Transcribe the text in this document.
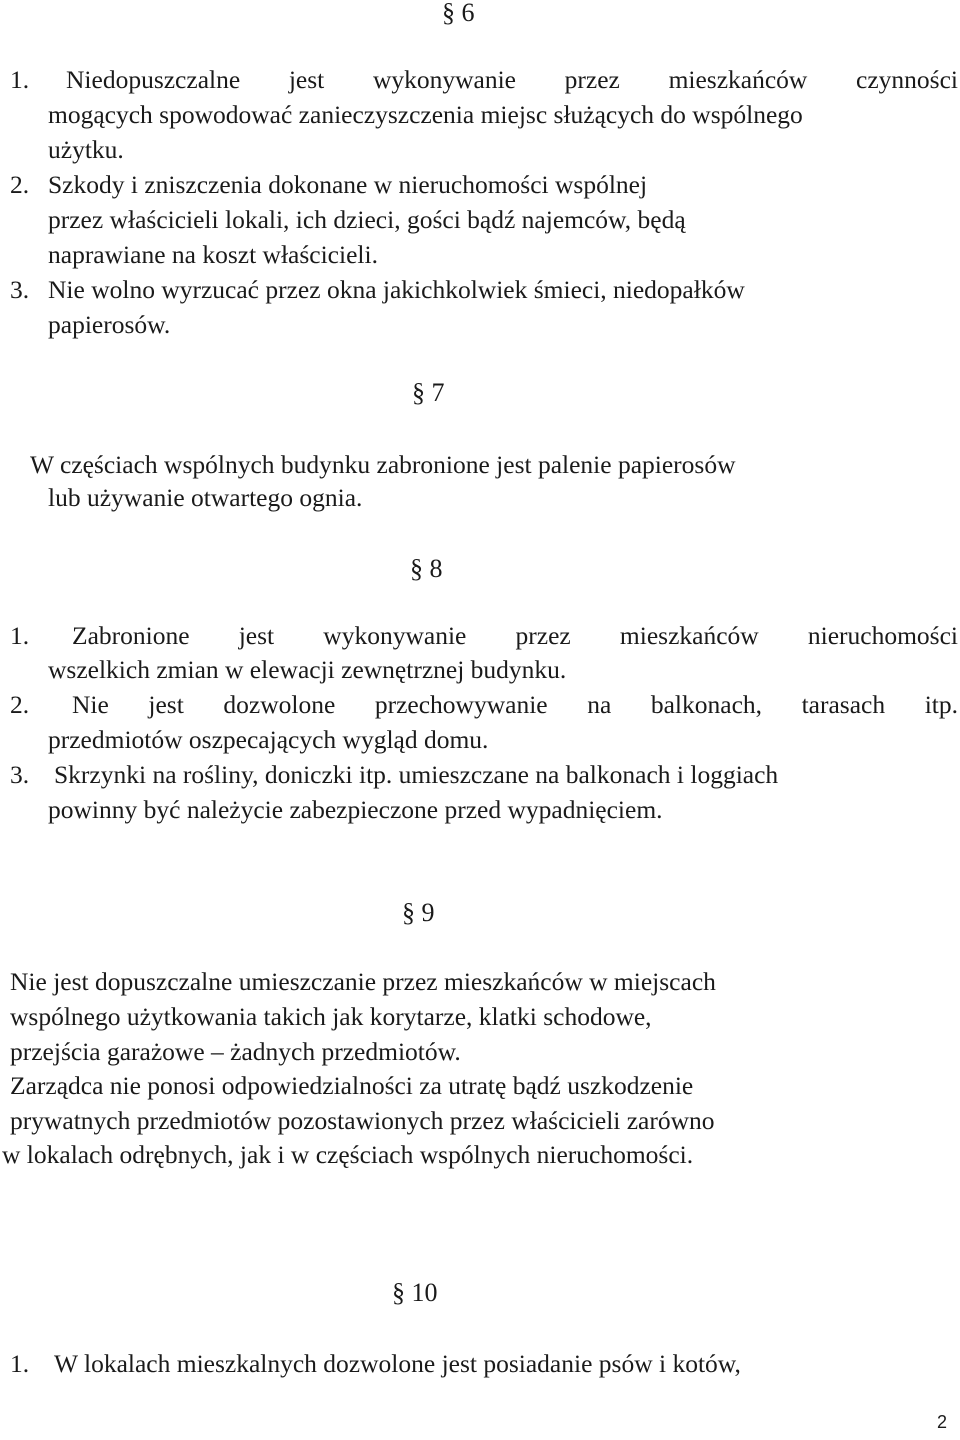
§ 6
1. Niedopuszczalne jest wykonywanie przez mieszkańców czynności
mogących spowodować zanieczyszczenia miejsc służących do wspólnego
użytku.
2. Szkody i zniszczenia dokonane w nieruchomości wspólnej
przez właścicieli lokali, ich dzieci, gości bądź najemców, będą
naprawiane na koszt właścicieli.
3. Nie wolno wyrzucać przez okna jakichkolwiek śmieci, niedopałków
papierosów.
§ 7
W częściach wspólnych budynku zabronione jest palenie papierosów
lub używanie otwartego ognia.
§ 8
1. Zabronione jest wykonywanie przez mieszkańców nieruchomości
wszelkich zmian w elewacji zewnętrznej budynku.
2. Nie jest dozwolone przechowywanie na balkonach, tarasach itp.
przedmiotów oszpecających wygląd domu.
3. Skrzynki na rośliny, doniczki itp. umieszczane na balkonach i loggiach
powinny być należycie zabezpieczone przed wypadnięciem.
§ 9
Nie jest dopuszczalne umieszczanie przez mieszkańców w miejscach
wspólnego użytkowania takich jak korytarze, klatki schodowe,
przejścia garażowe – żadnych przedmiotów.
Zarządca nie ponosi odpowiedzialności za utratę bądź uszkodzenie
prywatnych przedmiotów pozostawionych przez właścicieli zarówno
w lokalach odrębnych, jak i w częściach wspólnych nieruchomości.
§ 10
1. W lokalach mieszkalnych dozwolone jest posiadanie psów i kotów,
2
